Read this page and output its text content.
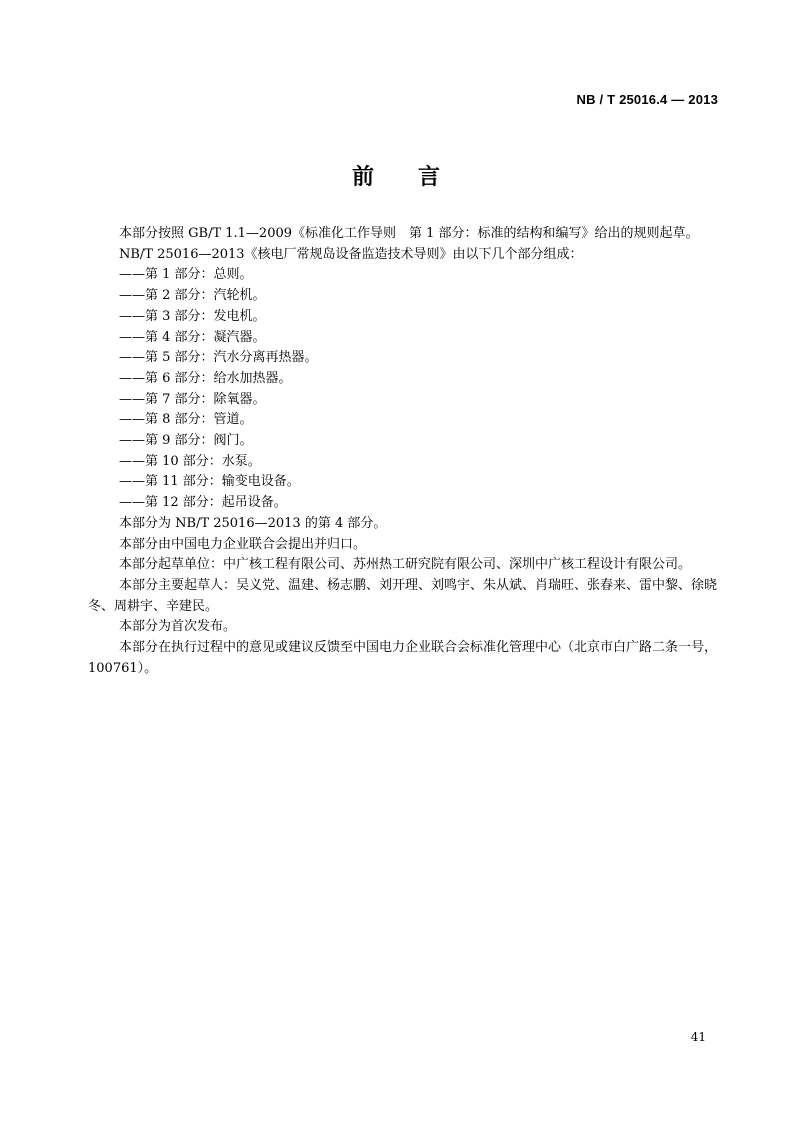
NB / T 25016.4 — 2013
前 言
本部分按照 GB/T 1.1—2009《标准化工作导则　第 1 部分：标准的结构和编写》给出的规则起草。
NB/T 25016—2013《核电厂常规岛设备监造技术导则》由以下几个部分组成：
——第 1 部分：总则。
——第 2 部分：汽轮机。
——第 3 部分：发电机。
——第 4 部分：凝汽器。
——第 5 部分：汽水分离再热器。
——第 6 部分：给水加热器。
——第 7 部分：除氧器。
——第 8 部分：管道。
——第 9 部分：阀门。
——第 10 部分：水泵。
——第 11 部分：输变电设备。
——第 12 部分：起吊设备。
本部分为 NB/T 25016—2013 的第 4 部分。
本部分由中国电力企业联合会提出并归口。
本部分起草单位：中广核工程有限公司、苏州热工研究院有限公司、深圳中广核工程设计有限公司。
本部分主要起草人：吴义党、温建、杨志鹏、刘开理、刘鸣宇、朱从斌、肖瑞旺、张春来、雷中黎、徐晓冬、周耕宇、辛建民。
本部分为首次发布。
本部分在执行过程中的意见或建议反馈至中国电力企业联合会标准化管理中心（北京市白广路二条一号，100761）。
41
